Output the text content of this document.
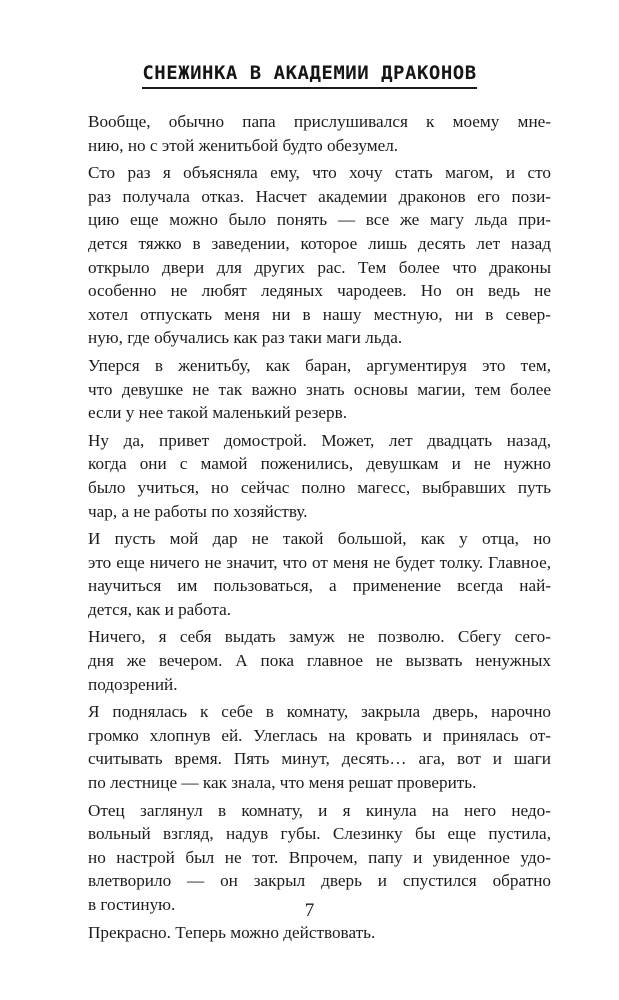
СНЕЖИНКА В АКАДЕМИИ ДРАКОНОВ

Вообще, обычно папа прислушивался к моему мне-
нию, но с этой женитьбой будто обезумел.

Сто раз я объясняла ему, что хочу стать магом, и сто
раз получала отказ. Насчет академии драконов его пози-
цию еще можно было понять — все же магу льда при-
дется тяжко в заведении, которое лишь десять лет назад
открыло двери для других рас. Тем более что драконы
особенно не любят ледяных чародеев. Но он ведь не
хотел отпускать меня ни в нашу местную, ни в север-
ную, где обучались как раз таки маги льда.

Уперся в женитьбу, как баран, аргументируя это тем,
что девушке не так важно знать основы магии, тем более
если у нее такой маленький резерв.

Ну да, привет домострой. Может, лет двадцать назад,
когда они с мамой поженились, девушкам и не нужно
было учиться, но сейчас полно магесс, выбравших путь
чар, а не работы по хозяйству.

И пусть мой дар не такой большой, как у отца, но
это еще ничего не значит, что от меня не будет толку. Главное,
научиться им пользоваться, а применение всегда най-
дется, как и работа.

Ничего, я себя выдать замуж не позволю. Сбегу сего-
дня же вечером. А пока главное не вызвать ненужных
подозрений.

Я поднялась к себе в комнату, закрыла дверь, нарочно
громко хлопнув ей. Улеглась на кровать и принялась от-
считывать время. Пять минут, десять… ага, вот и шаги
по лестнице — как знала, что меня решат проверить.

Отец заглянул в комнату, и я кинула на него недо-
вольный взгляд, надув губы. Слезинку бы еще пустила,
но настрой был не тот. Впрочем, папу и увиденное удо-
влетворило — он закрыл дверь и спустился обратно
в гостиную.

Прекрасно. Теперь можно действовать.

7
